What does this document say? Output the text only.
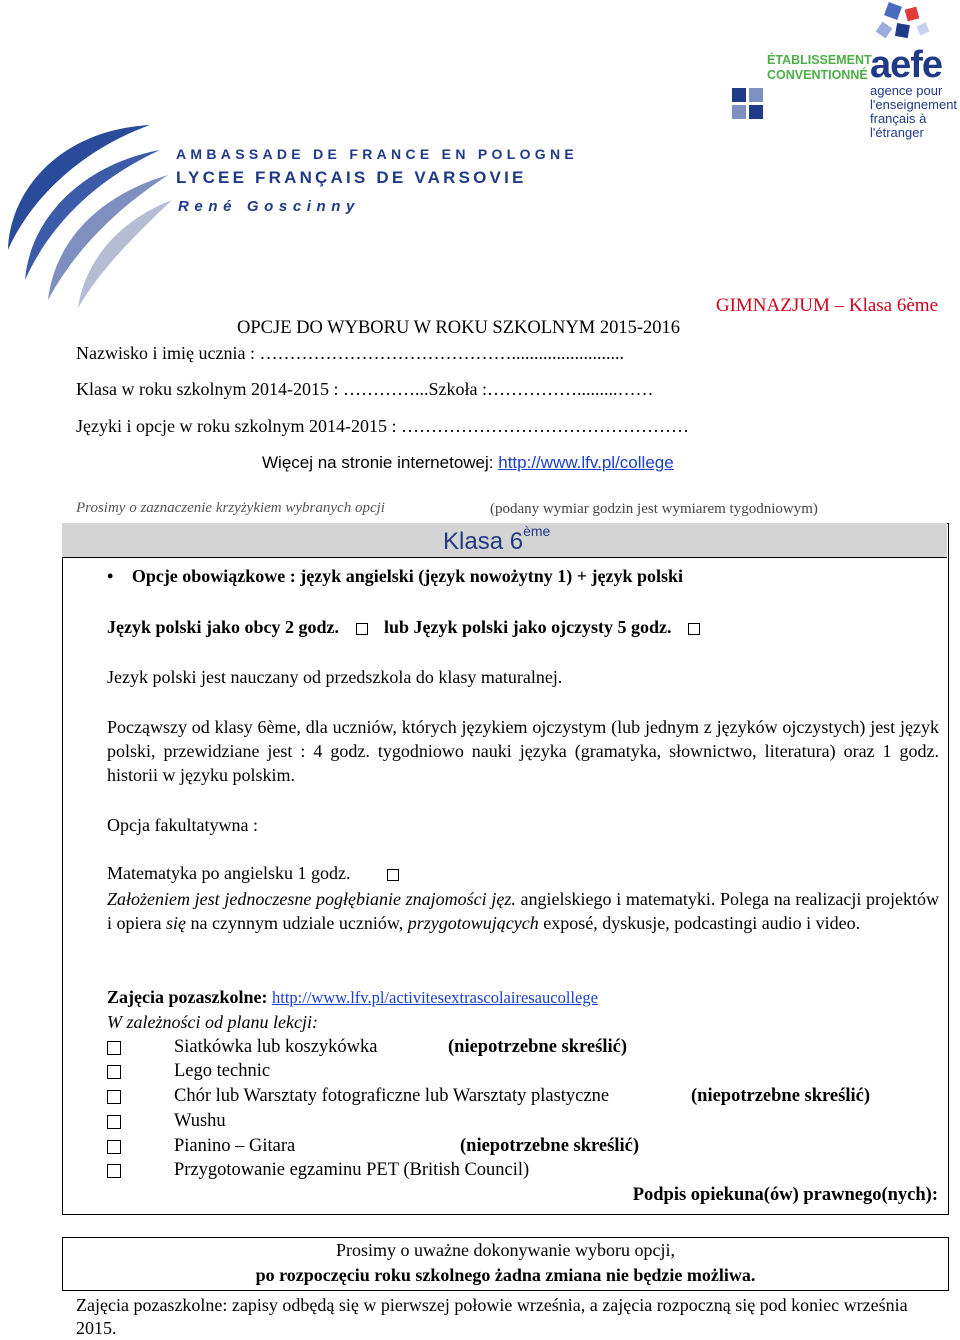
AMBASSADE DE FRANCE EN POLOGNE
LYCEE FRANÇAIS DE VARSOVIE
René Goscinny
ÉTABLISSEMENT CONVENTIONNÉ aefe
agence pour l'enseignement français à l'étranger
GIMNAZJUM – Klasa 6ème
OPCJE DO WYBORU W ROKU SZKOLNYM 2015-2016
Nazwisko i imię ucznia : …………………………………….........................
Klasa w roku szkolnym 2014-2015 : …………...Szkoła :…………….........……
Języki i opcje w roku szkolnym 2014-2015 : …………………………………………
Więcej na stronie internetowej: http://www.lfv.pl/college
Prosimy o zaznaczenie krzyżykiem wybranych opcji	(podany wymiar godzin jest wymiarem tygodniowym)
Klasa 6ème
• Opcje obowiązkowe : język angielski (język nowożytny 1) + język polski
Język polski jako obcy 2 godz.	lub Język polski jako ojczysty 5 godz.
Jezyk polski jest nauczany od przedszkola do klasy maturalnej.
Począwszy od klasy 6ème, dla uczniów, których językiem ojczystym (lub jednym z języków ojczystych) jest język polski, przewidziane jest : 4 godz. tygodniowo nauki języka (gramatyka, słownictwo, literatura) oraz 1 godz. historii w języku polskim.
Opcja fakultatywna :
Matematyka po angielsku 1 godz.
Założeniem jest jednoczesne pogłębianie znajomości jęz. angielskiego i matematyki. Polega na realizacji projektów i opiera się na czynnym udziale uczniów, przygotowujących exposé, dyskusje, podcastingi audio i video.
Zajęcia pozaszkolne: http://www.lfv.pl/activitesextrascolairesaucollege
W zależności od planu lekcji:
Siatkówka lub koszykówka	(niepotrzebne skreślić)
Lego technic
Chór lub Warsztaty fotograficzne lub Warsztaty plastyczne	(niepotrzebne skreślić)
Wushu
Pianino – Gitara	(niepotrzebne skreślić)
Przygotowanie egzaminu PET (British Council)
Podpis opiekuna(ów) prawnego(nych):
Prosimy o uważne dokonywanie wyboru opcji,
po rozpoczęciu roku szkolnego żadna zmiana nie będzie możliwa.
Zajęcia pozaszkolne: zapisy odbędą się w pierwszej połowie września, a zajęcia rozpoczną się pod koniec września 2015.
